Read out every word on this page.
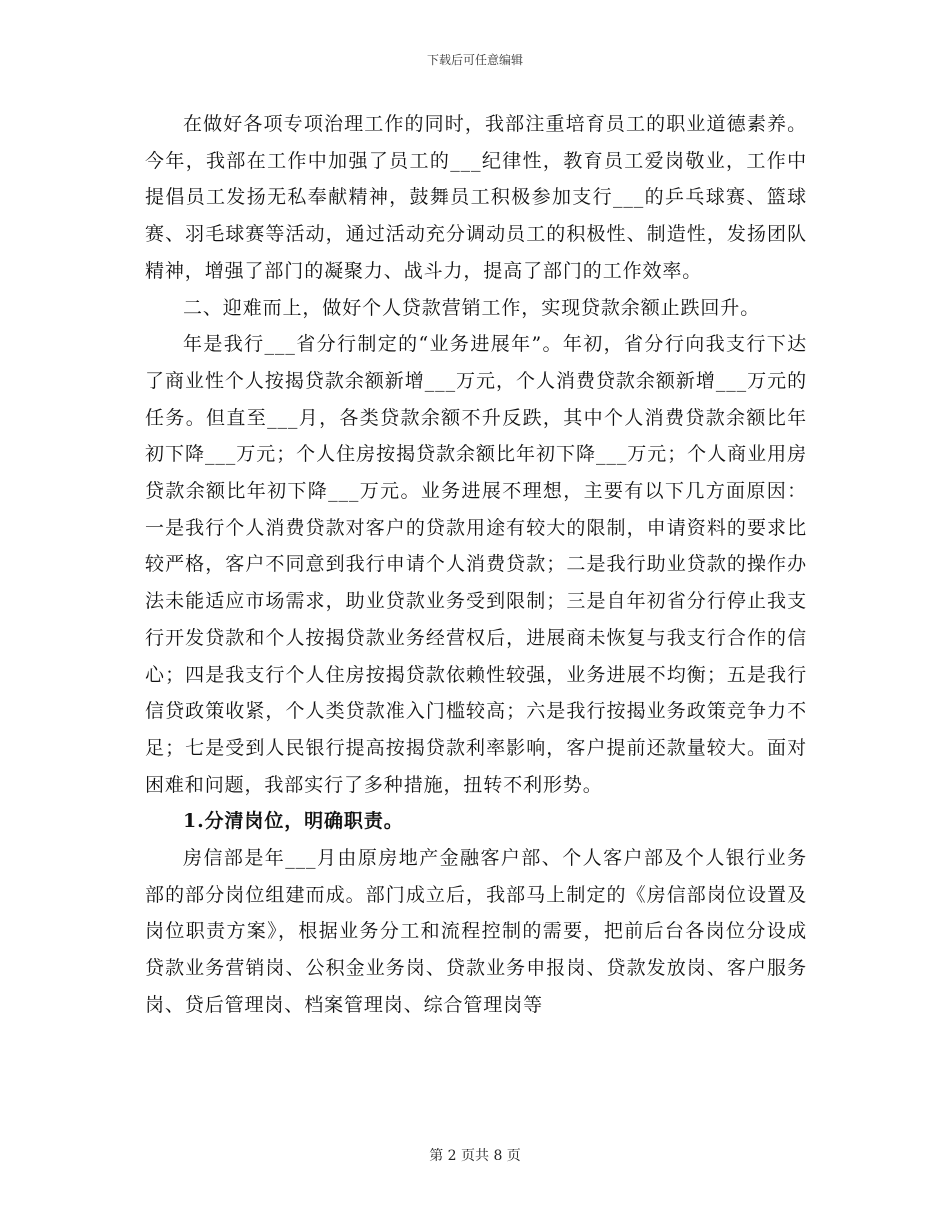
下载后可任意编辑

在做好各项专项治理工作的同时，我部注重培育员工的职业道德素养。今年，我部在工作中加强了员工的___纪律性，教育员工爱岗敬业，工作中提倡员工发扬无私奉献精神，鼓舞员工积极参加支行___的乒乓球赛、篮球赛、羽毛球赛等活动，通过活动充分调动员工的积极性、制造性，发扬团队精神，增强了部门的凝聚力、战斗力，提高了部门的工作效率。

二、迎难而上，做好个人贷款营销工作，实现贷款余额止跌回升。

年是我行___省分行制定的“业务进展年”。年初，省分行向我支行下达了商业性个人按揭贷款余额新增___万元，个人消费贷款余额新增___万元的任务。但直至___月，各类贷款余额不升反跌，其中个人消费贷款余额比年初下降___万元；个人住房按揭贷款余额比年初下降___万元；个人商业用房贷款余额比年初下降___万元。业务进展不理想，主要有以下几方面原因：一是我行个人消费贷款对客户的贷款用途有较大的限制，申请资料的要求比较严格，客户不同意到我行申请个人消费贷款；二是我行助业贷款的操作办法未能适应市场需求，助业贷款业务受到限制；三是自年初省分行停止我支行开发贷款和个人按揭贷款业务经营权后，进展商未恢复与我支行合作的信心；四是我支行个人住房按揭贷款依赖性较强，业务进展不均衡；五是我行信贷政策收紧，个人类贷款准入门槛较高；六是我行按揭业务政策竞争力不足；七是受到人民银行提高按揭贷款利率影响，客户提前还款量较大。面对困难和问题，我部实行了多种措施，扭转不利形势。

1.分清岗位，明确职责。

房信部是年___月由原房地产金融客户部、个人客户部及个人银行业务部的部分岗位组建而成。部门成立后，我部马上制定的《房信部岗位设置及岗位职责方案》，根据业务分工和流程控制的需要，把前后台各岗位分设成贷款业务营销岗、公积金业务岗、贷款业务申报岗、贷款发放岗、客户服务岗、贷后管理岗、档案管理岗、综合管理岗等

第 2 页共 8 页
